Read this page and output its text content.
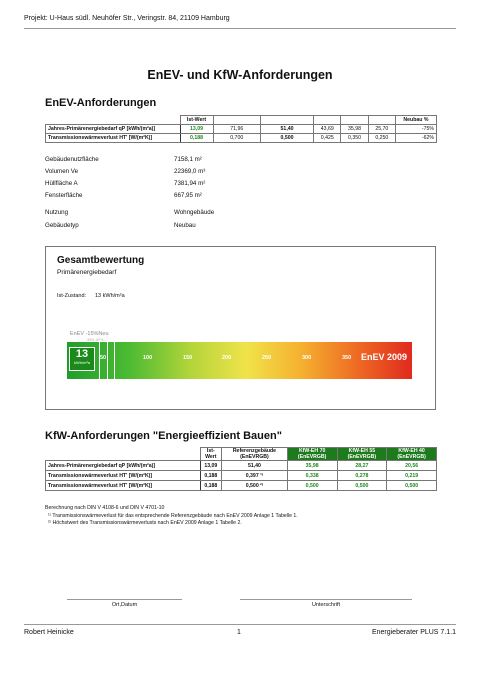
Projekt: U-Haus südl. Neuhöfer Str., Veringstr. 84, 21109 Hamburg
EnEV- und KfW-Anforderungen
EnEV-Anforderungen
	Ist-Wert	mod. Altbau	EnEV-Neubau	- 15 %	- 30 %	- 50 %	Neubau %
Jahres-Primärenergiebedarf qP [kWh/(m²a)]	13,09	71,96	51,40	43,69	35,98	25,70	-75%
Transmissionswärmeverlust HT' [W/(m²K)]	0,188	0,700	0,500	0,425	0,350	0,250	-62%
Gebäudenutzfläche	7158,1 m²
Volumen Ve	22369,0 m³
Hüllfläche A	7381,94 m²
Fensterfläche	667,95 m²
Nutzung	Wohngebäude
Gebäudetyp	Neubau
Gesamtbewertung
Primärenergiebedarf
Ist-Zustand: 13 kWh/m²a
EnEV -15%Neu
-30% -50% ...
50	100	150	200	250	300	350 EnEV 2009
13
kWh/m²a
KfW-Anforderungen "Energieeffizient Bauen"
	Ist-Wert	Referenzgebäude (EnEVRGB)	KfW-EH 70 (EnEVRGB)	KfW-EH 55 (EnEVRGB)	KfW-EH 40 (EnEVRGB)
Jahres-Primärenergiebedarf qP [kWh/(m²a)]	13,09	51,40	35,98	28,27	20,56
Transmissionswärmeverlust HT' [W/(m²K)]	0,188	0,397 ¹⁾	0,338	0,278	0,219
Transmissionswärmeverlust HT' [W/(m²K)]	0,188	0,500 ²⁾	0,500	0,500	0,500
Berechnung nach DIN V 4108-6 und DIN V 4701-10
¹⁾ Transmissionswärmeverlust für das entsprechende Referenzgebäude nach EnEV 2009 Anlage 1 Tabelle 1.
²⁾ Höchstwert des Transmissionswärmeverlusts nach EnEV 2009 Anlage 1 Tabelle 2.
Ort,Datum	Unterschrift
Robert Heinicke	1	Energieberater PLUS 7.1.1
